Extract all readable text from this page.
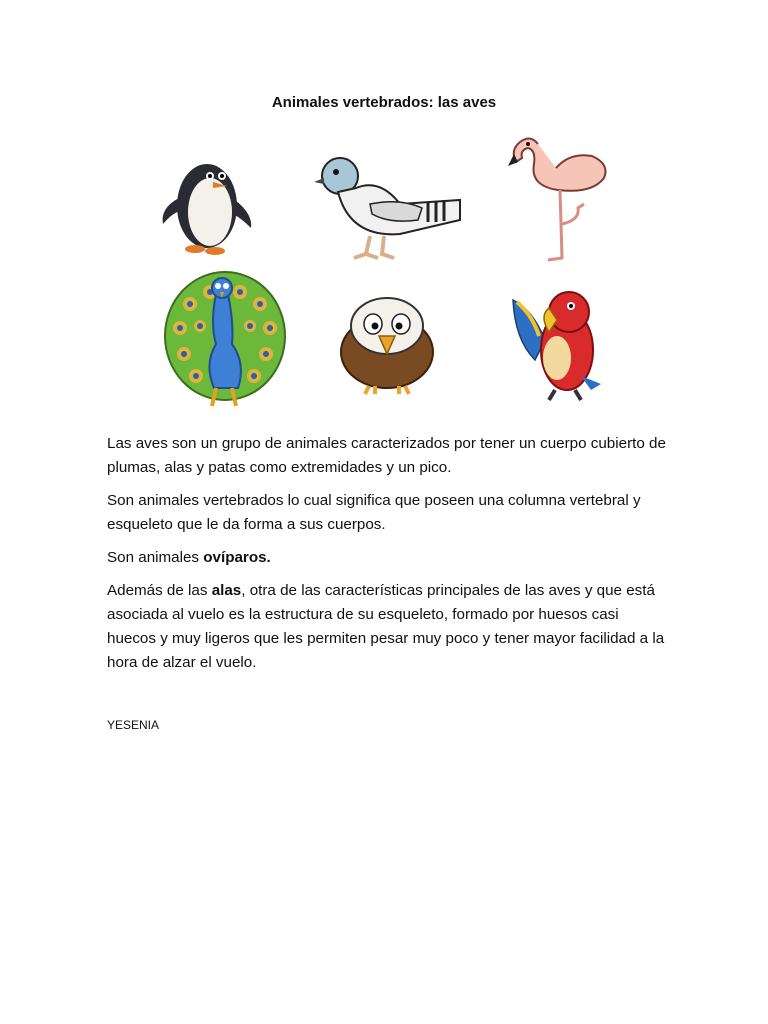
Animales vertebrados: las aves

Las aves son un grupo de animales caracterizados por tener un cuerpo cubierto de plumas, alas y patas como extremidades y un pico.

Son animales vertebrados lo cual significa que poseen una columna vertebral y esqueleto que le da forma a sus cuerpos.

Son animales ovíparos.

Además de las alas, otra de las características principales de las aves y que está asociada al vuelo es la estructura de su esqueleto, formado por huesos casi huecos y muy ligeros que les permiten pesar muy poco y tener mayor facilidad a la hora de alzar el vuelo.

YESENIA
